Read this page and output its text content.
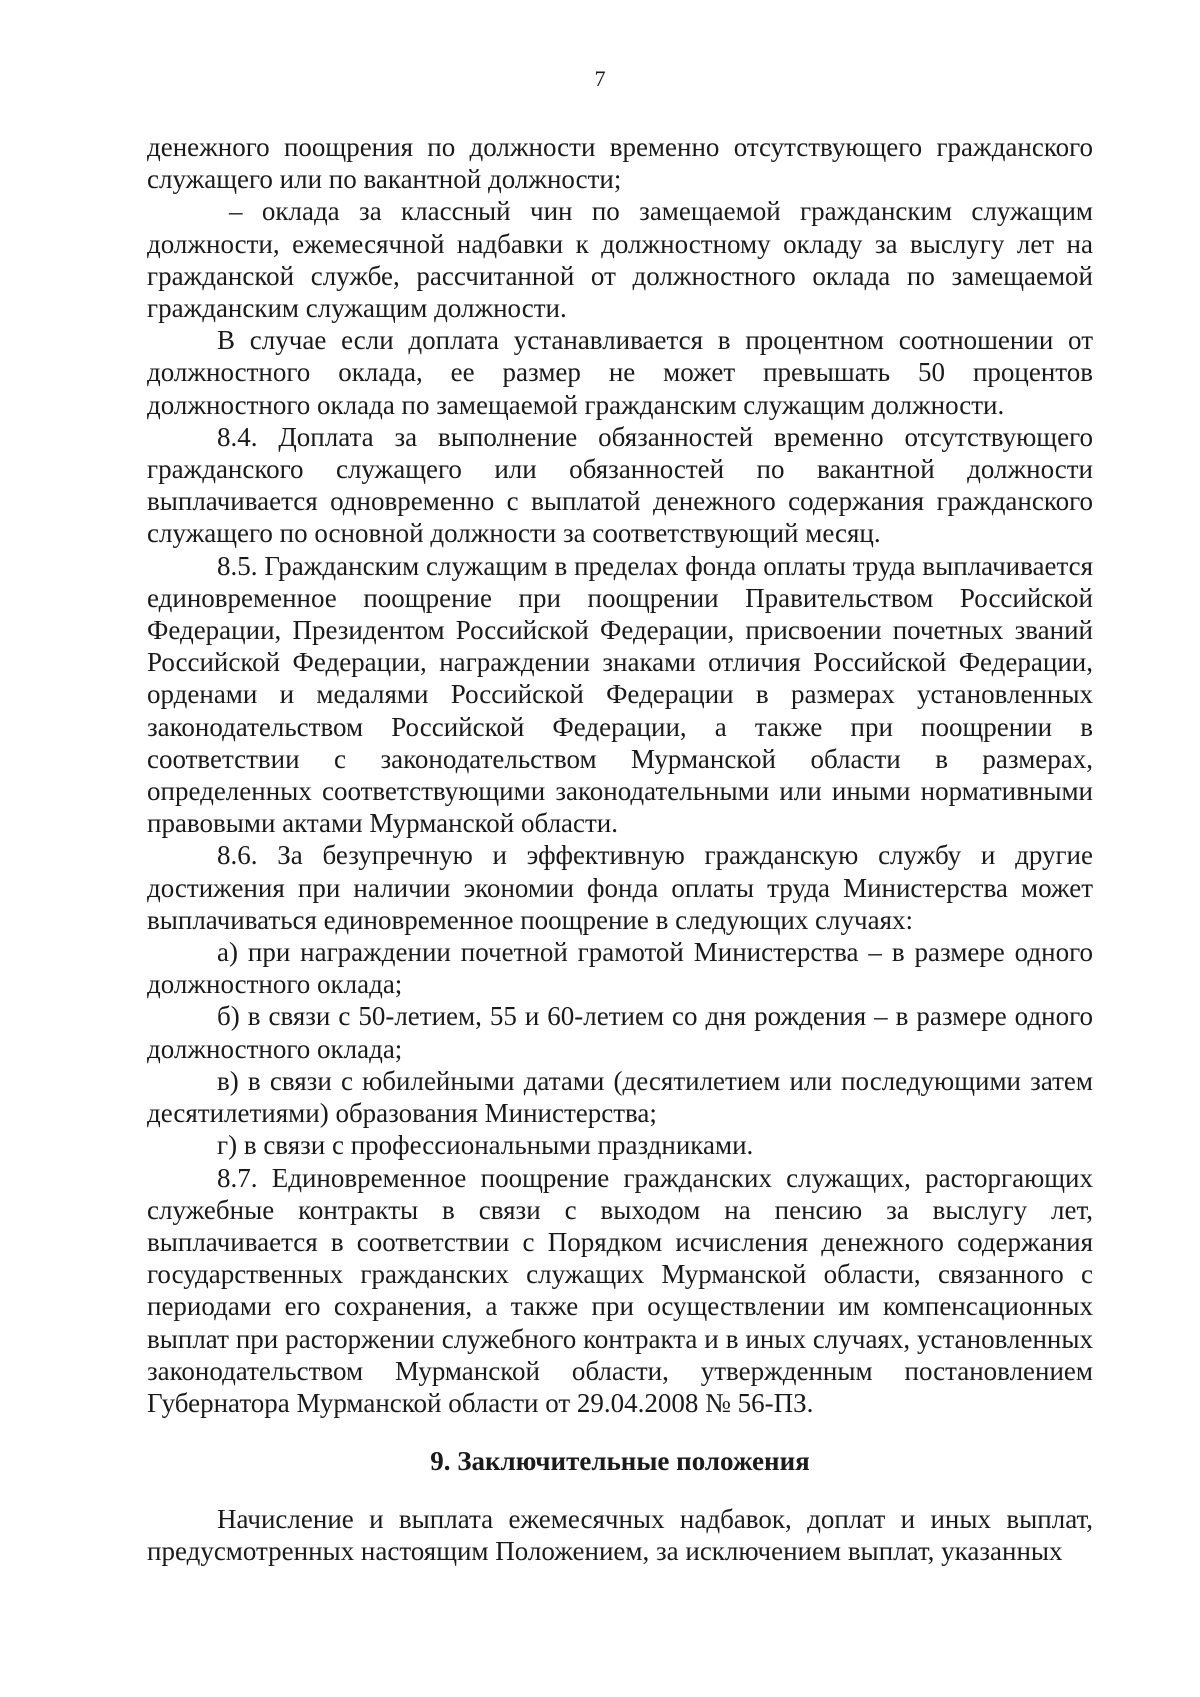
7

денежного поощрения по должности временно отсутствующего гражданского служащего или по вакантной должности;

– оклада за классный чин по замещаемой гражданским служащим должности, ежемесячной надбавки к должностному окладу за выслугу лет на гражданской службе, рассчитанной от должностного оклада по замещаемой гражданским служащим должности.

В случае если доплата устанавливается в процентном соотношении от должностного оклада, ее размер не может превышать 50 процентов должностного оклада по замещаемой гражданским служащим должности.

8.4. Доплата за выполнение обязанностей временно отсутствующего гражданского служащего или обязанностей по вакантной должности выплачивается одновременно с выплатой денежного содержания гражданского служащего по основной должности за соответствующий месяц.

8.5. Гражданским служащим в пределах фонда оплаты труда выплачивается единовременное поощрение при поощрении Правительством Российской Федерации, Президентом Российской Федерации, присвоении почетных званий Российской Федерации, награждении знаками отличия Российской Федерации, орденами и медалями Российской Федерации в размерах установленных законодательством Российской Федерации, а также при поощрении в соответствии с законодательством Мурманской области в размерах, определенных соответствующими законодательными или иными нормативными правовыми актами Мурманской области.

8.6. За безупречную и эффективную гражданскую службу и другие достижения при наличии экономии фонда оплаты труда Министерства может выплачиваться единовременное поощрение в следующих случаях:

а) при награждении почетной грамотой Министерства – в размере одного должностного оклада;

б) в связи с 50-летием, 55 и 60-летием со дня рождения – в размере одного должностного оклада;

в) в связи с юбилейными датами (десятилетием или последующими затем десятилетиями) образования Министерства;

г) в связи с профессиональными праздниками.

8.7. Единовременное поощрение гражданских служащих, расторгающих служебные контракты в связи с выходом на пенсию за выслугу лет, выплачивается в соответствии с Порядком исчисления денежного содержания государственных гражданских служащих Мурманской области, связанного с периодами его сохранения, а также при осуществлении им компенсационных выплат при расторжении служебного контракта и в иных случаях, установленных законодательством Мурманской области, утвержденным постановлением Губернатора Мурманской области от 29.04.2008 № 56-ПЗ.

9. Заключительные положения

Начисление и выплата ежемесячных надбавок, доплат и иных выплат, предусмотренных настоящим Положением, за исключением выплат, указанных
